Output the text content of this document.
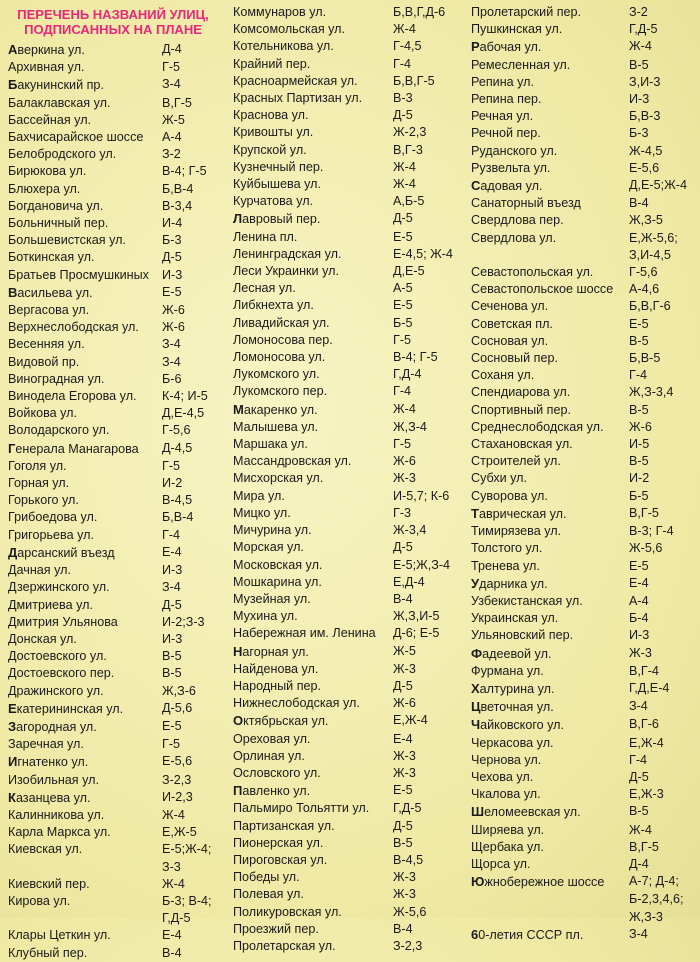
ПЕРЕЧЕНЬ НАЗВАНИЙ УЛИЦ,
ПОДПИСАННЫХ НА ПЛАНЕ
Аверкина ул.	Д-4
Архивная ул.	Г-5
Бакунинский пр.	З-4
Балаклавская ул.	В,Г-5
Бассейная ул.	Ж-5
Бахчисарайское шоссе	А-4
Белобродского ул.	З-2
Бирюкова ул.	В-4; Г-5
Блюхера ул.	Б,В-4
Богдановича ул.	В-3,4
Больничный пер.	И-4
Большевистская ул.	Б-3
Боткинская ул.	Д-5
Братьев Просмушкиных	И-3
Васильева ул.	Е-5
Вергасова ул.	Ж-6
Верхнеслободская ул.	Ж-6
Весенняя ул.	З-4
Видовой пр.	З-4
Виноградная ул.	Б-6
Винодела Егорова ул.	К-4; И-5
Войкова ул.	Д,Е-4,5
Володарского ул.	Г-5,6
Генерала Манагарова	Д-4,5
Гоголя ул.	Г-5
Горная ул.	И-2
Горького ул.	В-4,5
Грибоедова ул.	Б,В-4
Григорьева ул.	Г-4
Дарсанский въезд	Е-4
Дачная ул.	И-3
Дзержинского ул.	З-4
Дмитриева ул.	Д-5
Дмитрия Ульянова	И-2;З-3
Донская ул.	И-3
Достоевского ул.	В-5
Достоевского пер.	В-5
Дражинского ул.	Ж,З-6
Екатерининская ул.	Д-5,6
Загородная ул.	Е-5
Заречная ул.	Г-5
Игнатенко ул.	Е-5,6
Изобильная ул.	З-2,3
Казанцева ул.	И-2,3
Калинникова ул.	Ж-4
Карла Маркса ул.	Е,Ж-5
Киевская ул.	Е-5;Ж-4;
З-3
Киевский пер.	Ж-4
Кирова ул.	Б-3; В-4;
Г,Д-5
Клары Цеткин ул.	Е-4
Клубный пер.	В-4
Коммунаров ул.	Б,В,Г,Д-6
Комсомольская ул.	Ж-4
Котельникова ул.	Г-4,5
Крайний пер.	Г-4
Красноармейская ул.	Б,В,Г-5
Красных Партизан ул.	В-3
Краснова ул.	Д-5
Кривошты ул.	Ж-2,3
Крупской ул.	В,Г-3
Кузнечный пер.	Ж-4
Куйбышева ул.	Ж-4
Курчатова ул.	А,Б-5
Лавровый пер.	Д-5
Ленина пл.	Е-5
Ленинградская ул.	Е-4,5; Ж-4
Леси Украинки ул.	Д,Е-5
Лесная ул.	А-5
Либкнехта ул.	Е-5
Ливадийская ул.	Б-5
Ломоносова пер.	Г-5
Ломоносова ул.	В-4; Г-5
Лукомского ул.	Г,Д-4
Лукомского пер.	Г-4
Макаренко ул.	Ж-4
Малышева ул.	Ж,З-4
Маршака ул.	Г-5
Массандровская ул.	Ж-6
Мисхорская ул.	Ж-3
Мира ул.	И-5,7; К-6
Мицко ул.	Г-3
Мичурина ул.	Ж-3,4
Морская ул.	Д-5
Московская ул.	Е-5;Ж,З-4
Мошкарина ул.	Е,Д-4
Музейная ул.	В-4
Мухина ул.	Ж,З,И-5
Набережная им. Ленина	Д-6; Е-5
Нагорная ул.	Ж-5
Найденова ул.	Ж-3
Народный пер.	Д-5
Нижнеслободская ул.	Ж-6
Октябрьская ул.	Е,Ж-4
Ореховая ул.	Е-4
Орлиная ул.	Ж-3
Ословского ул.	Ж-3
Павленко ул.	Е-5
Пальмиро Тольятти ул.	Г,Д-5
Партизанская ул.	Д-5
Пионерская ул.	В-5
Пироговская ул.	В-4,5
Победы ул.	Ж-3
Полевая ул.	Ж-3
Поликуровская ул.	Ж-5,6
Проезжий пер.	В-4
Пролетарская ул.	З-2,3
Пролетарский пер.	З-2
Пушкинская ул.	Г,Д-5
Рабочая ул.	Ж-4
Ремесленная ул.	В-5
Репина ул.	З,И-3
Репина пер.	И-3
Речная ул.	Б,В-3
Речной пер.	Б-3
Руданского ул.	Ж-4,5
Рузвельта ул.	Е-5,6
Садовая ул.	Д,Е-5;Ж-4
Санаторный въезд	В-4
Свердлова пер.	Ж,З-5
Свердлова ул.	Е,Ж-5,6;
З,И-4,5
Севастопольская ул.	Г-5,6
Севастопольское шоссе	А-4,6
Сеченова ул.	Б,В,Г-6
Советская пл.	Е-5
Сосновая ул.	В-5
Сосновый пер.	Б,В-5
Соханя ул.	Г-4
Спендиарова ул.	Ж,З-3,4
Спортивный пер.	В-5
Среднеслободская ул.	Ж-6
Стахановская ул.	И-5
Строителей ул.	В-5
Субхи ул.	И-2
Суворова ул.	Б-5
Таврическая ул.	В,Г-5
Тимирязева ул.	В-3; Г-4
Толстого ул.	Ж-5,6
Тренева ул.	Е-5
Ударника ул.	Е-4
Узбекистанская ул.	А-4
Украинская ул.	Б-4
Ульяновский пер.	И-3
Фадеевой ул.	Ж-3
Фурмана ул.	В,Г-4
Халтурина ул.	Г,Д,Е-4
Цветочная ул.	З-4
Чайковского ул.	В,Г-6
Черкасова ул.	Е,Ж-4
Чернова ул.	Г-4
Чехова ул.	Д-5
Чкалова ул.	Е,Ж-3
Шеломеевская ул.	В-5
Ширяева ул.	Ж-4
Щербака ул.	В,Г-5
Щорса ул.	Д-4
Южнобережное шоссе	А-7; Д-4;
Б-2,3,4,6;
Ж,З-3
60-летия СССР пл.	З-4
